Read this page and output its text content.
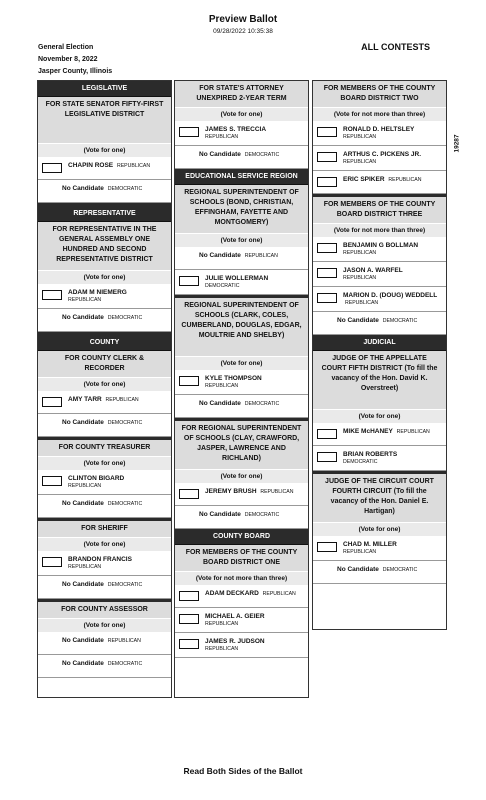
Preview Ballot
09/28/2022 10:35:38
General Election
November 8, 2022
Jasper County, Illinois
ALL CONTESTS
19287
LEGISLATIVE
FOR STATE SENATOR FIFTY-FIRST LEGISLATIVE DISTRICT
(Vote for one)
CHAPIN ROSE REPUBLICAN
No Candidate DEMOCRATIC
REPRESENTATIVE
FOR REPRESENTATIVE IN THE GENERAL ASSEMBLY ONE HUNDRED AND SECOND REPRESENTATIVE DISTRICT
(Vote for one)
ADAM M NIEMERG
REPUBLICAN
No Candidate DEMOCRATIC
COUNTY
FOR COUNTY CLERK & RECORDER
(Vote for one)
AMY TARR REPUBLICAN
No Candidate DEMOCRATIC
FOR COUNTY TREASURER
(Vote for one)
CLINTON BIGARD
REPUBLICAN
No Candidate DEMOCRATIC
FOR SHERIFF
(Vote for one)
BRANDON FRANCIS
REPUBLICAN
No Candidate DEMOCRATIC
FOR COUNTY ASSESSOR
(Vote for one)
No Candidate REPUBLICAN
No Candidate DEMOCRATIC
FOR STATE'S ATTORNEY UNEXPIRED 2-YEAR TERM
(Vote for one)
JAMES S. TRECCIA
REPUBLICAN
No Candidate DEMOCRATIC
EDUCATIONAL SERVICE REGION
REGIONAL SUPERINTENDENT OF SCHOOLS (BOND, CHRISTIAN, EFFINGHAM, FAYETTE AND MONTGOMERY)
(Vote for one)
No Candidate REPUBLICAN
JULIE WOLLERMAN
DEMOCRATIC
REGIONAL SUPERINTENDENT OF SCHOOLS (CLARK, COLES, CUMBERLAND, DOUGLAS, EDGAR, MOULTRIE AND SHELBY)
(Vote for one)
KYLE THOMPSON
REPUBLICAN
No Candidate DEMOCRATIC
FOR REGIONAL SUPERINTENDENT OF SCHOOLS (CLAY, CRAWFORD, JASPER, LAWRENCE AND RICHLAND)
(Vote for one)
JEREMY BRUSH REPUBLICAN
No Candidate DEMOCRATIC
COUNTY BOARD
FOR MEMBERS OF THE COUNTY BOARD DISTRICT ONE
(Vote for not more than three)
ADAM DECKARD REPUBLICAN
MICHAEL A. GEIER
REPUBLICAN
JAMES R. JUDSON
REPUBLICAN
FOR MEMBERS OF THE COUNTY BOARD DISTRICT TWO
(Vote for not more than three)
RONALD D. HELTSLEY
REPUBLICAN
ARTHUS C. PICKENS JR.
REPUBLICAN
ERIC SPIKER REPUBLICAN
FOR MEMBERS OF THE COUNTY BOARD DISTRICT THREE
(Vote for not more than three)
BENJAMIN G BOLLMAN
REPUBLICAN
JASON A. WARFEL
REPUBLICAN
MARION D. (DOUG) WEDDELL REPUBLICAN
No Candidate DEMOCRATIC
JUDICIAL
JUDGE OF THE APPELLATE COURT FIFTH DISTRICT (To fill the vacancy of the Hon. David K. Overstreet)
(Vote for one)
MIKE McHANEY REPUBLICAN
BRIAN ROBERTS
DEMOCRATIC
JUDGE OF THE CIRCUIT COURT FOURTH CIRCUIT (To fill the vacancy of the Hon. Daniel E. Hartigan)
(Vote for one)
CHAD M. MILLER
REPUBLICAN
No Candidate DEMOCRATIC
Read Both Sides of the Ballot
